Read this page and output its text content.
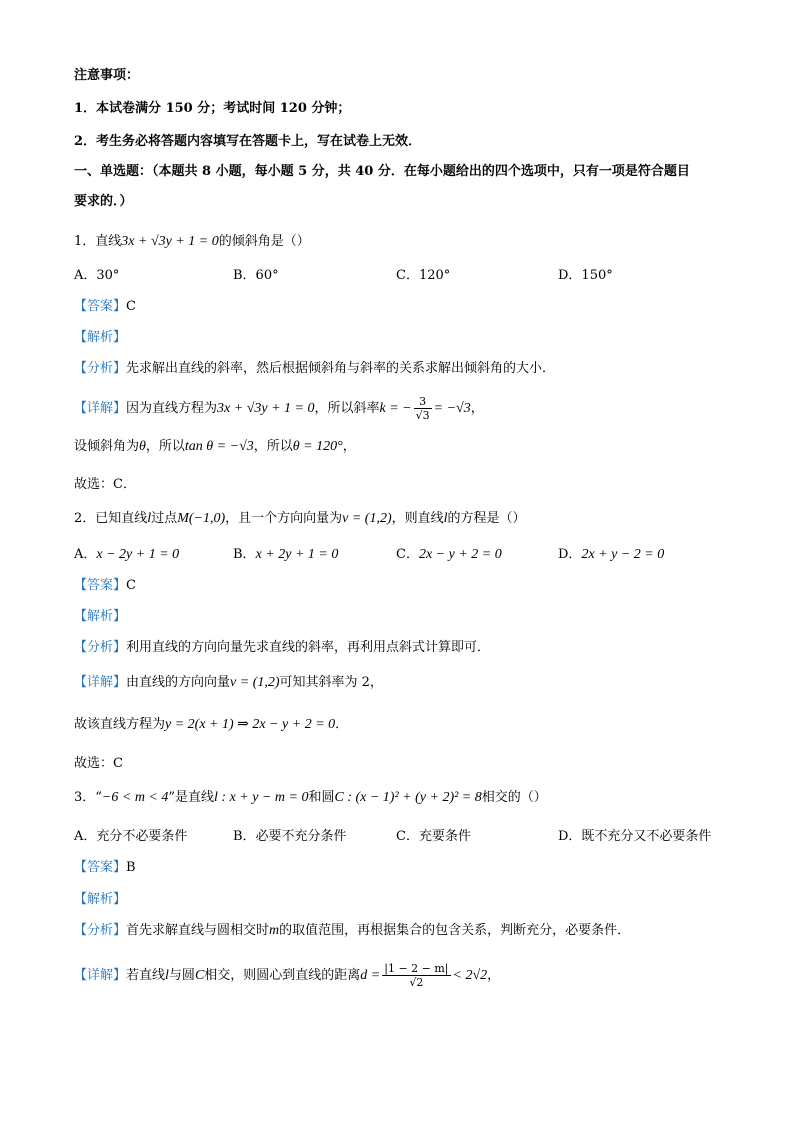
注意事项：
1．本试卷满分 150 分；考试时间 120 分钟；
2．考生务必将答题内容填写在答题卡上，写在试卷上无效．
一、单选题：（本题共 8 小题，每小题 5 分，共 40 分．在每小题给出的四个选项中，只有一项是符合题目
要求的．）
1．直线3x + √3y + 1 = 0的倾斜角是（）
A．30°	B．60°	C．120°	D．150°
【答案】C
【解析】
【分析】先求解出直线的斜率，然后根据倾斜角与斜率的关系求解出倾斜角的大小．
【详解】因为直线方程为3x + √3y + 1 = 0，所以斜率k = − $\frac{3}{√3} = -√3$，
设倾斜角为θ，所以tan θ = −√3，所以θ = 120°，
故选：C．
2．已知直线l过点M(−1,0)，且一个方向向量为v = (1,2)，则直线l的方程是（）
A．x − 2y + 1 = 0	B．x + 2y + 1 = 0	C．2x − y + 2 = 0	D．2x + y − 2 = 0
【答案】C
【解析】
【分析】利用直线的方向向量先求直线的斜率，再利用点斜式计算即可．
【详解】由直线的方向向量v = (1,2)可知其斜率为 2，
故该直线方程为y = 2(x + 1) ⇒ 2x − y + 2 = 0．
故选：C
3．“−6 < m < 4”是直线l : x + y − m = 0和圆C : (x − 1)² + (y + 2)² = 8相交的（）
A．充分不必要条件	B．必要不充分条件	C．充要条件	D．既不充分又不必要条件
【答案】B
【解析】
【分析】首先求解直线与圆相交时m的取值范围，再根据集合的包含关系，判断充分，必要条件．
【详解】若直线l与圆C相交，则圆心到直线的距离$d = \frac{|1 - 2 - m|}{√2} < 2√2$，
